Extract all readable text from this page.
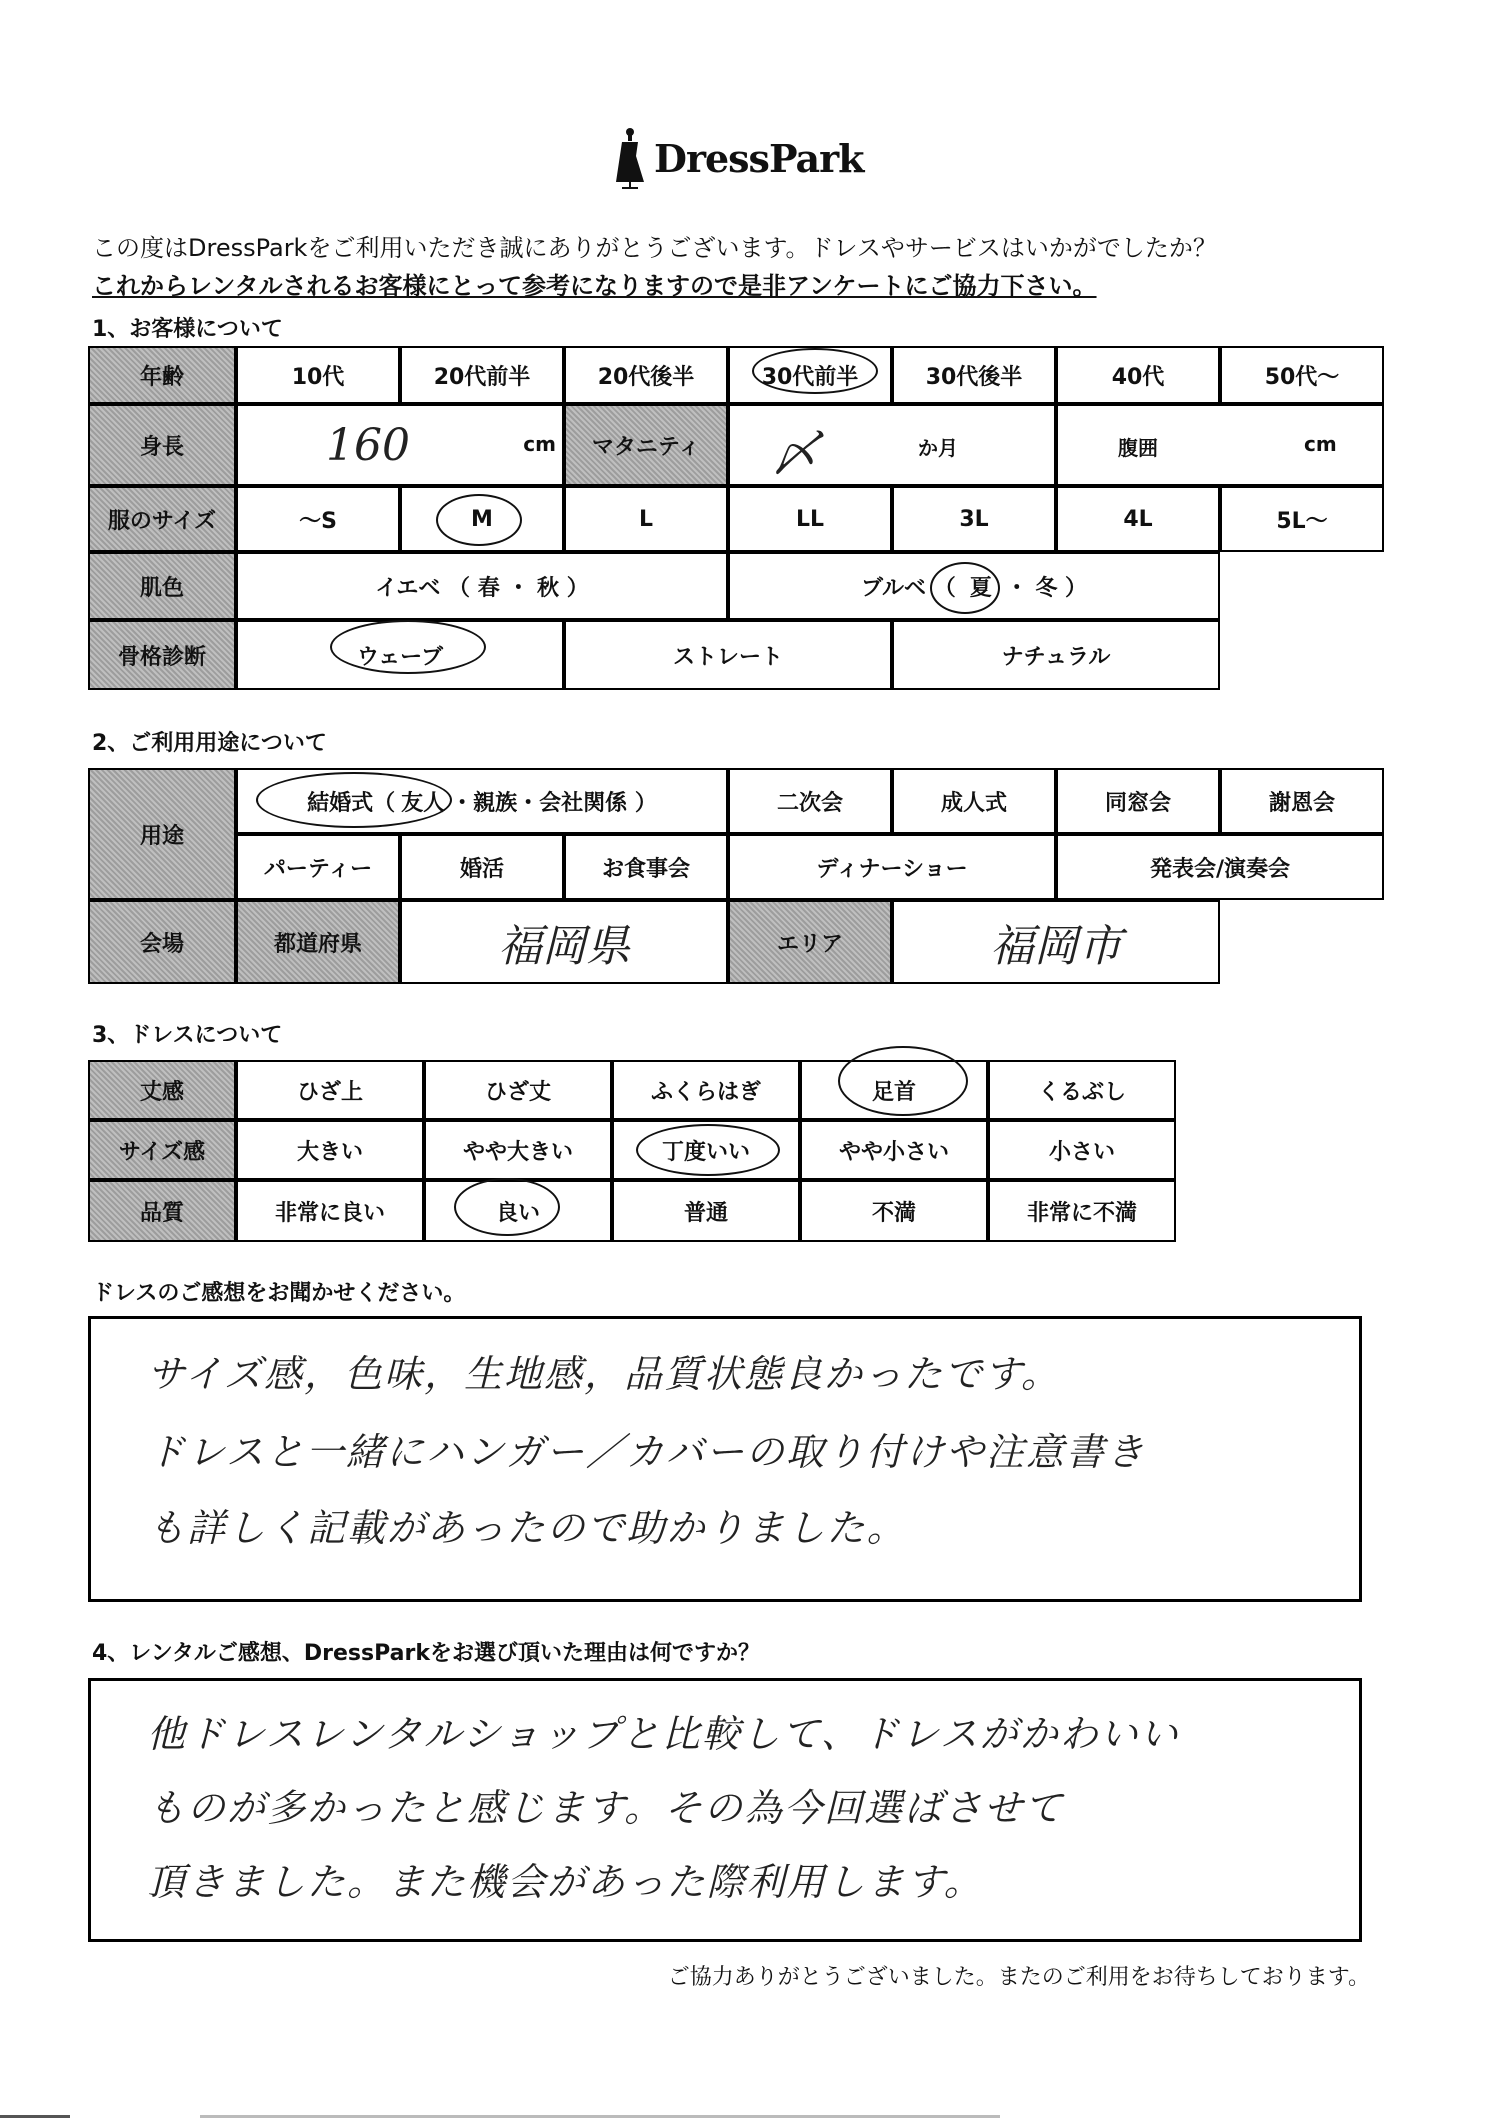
DressPark
この度はDressParkをご利用いただき誠にありがとうございます。ドレスやサービスはいかがでしたか？
これからレンタルされるお客様にとって参考になりますので是非アンケートにご協力下さい。
1、お客様について
年齢	10代	20代前半	20代後半	30代前半	30代後半	40代	50代～
身長	160	cm	マタニティ	〆	か月	腹囲	cm
服のサイズ	～S	M	L	LL	3L	4L	5L～
肌色	イエベ （ 春 ・ 秋 ）	ブルベ （ 夏 ・ 冬 ）
骨格診断	ウェーブ	ストレート	ナチュラル
2、ご利用用途について
用途
結婚式（ 友人 ・親族・会社関係 ）	二次会	成人式	同窓会	謝恩会
パーティー	婚活	お食事会	ディナーショー	発表会/演奏会
会場	都道府県	福岡県	エリア	福岡市
3、ドレスについて
丈感	ひざ上	ひざ丈	ふくらはぎ	足首	くるぶし
サイズ感	大きい	やや大きい	丁度いい	やや小さい	小さい
品質	非常に良い	良い	普通	不満	非常に不満
ドレスのご感想をお聞かせください。
サイズ感，色味，生地感，品質状態良かったです。
ドレスと一緒にハンガー／カバーの取り付けや注意書き
も詳しく記載があったので助かりました。
4、レンタルご感想、DressParkをお選び頂いた理由は何ですか？
他ドレスレンタルショップと比較して、ドレスがかわいい
ものが多かったと感じます。その為今回選ばさせて
頂きました。また機会があった際利用します。
ご協力ありがとうございました。またのご利用をお待ちしております。
